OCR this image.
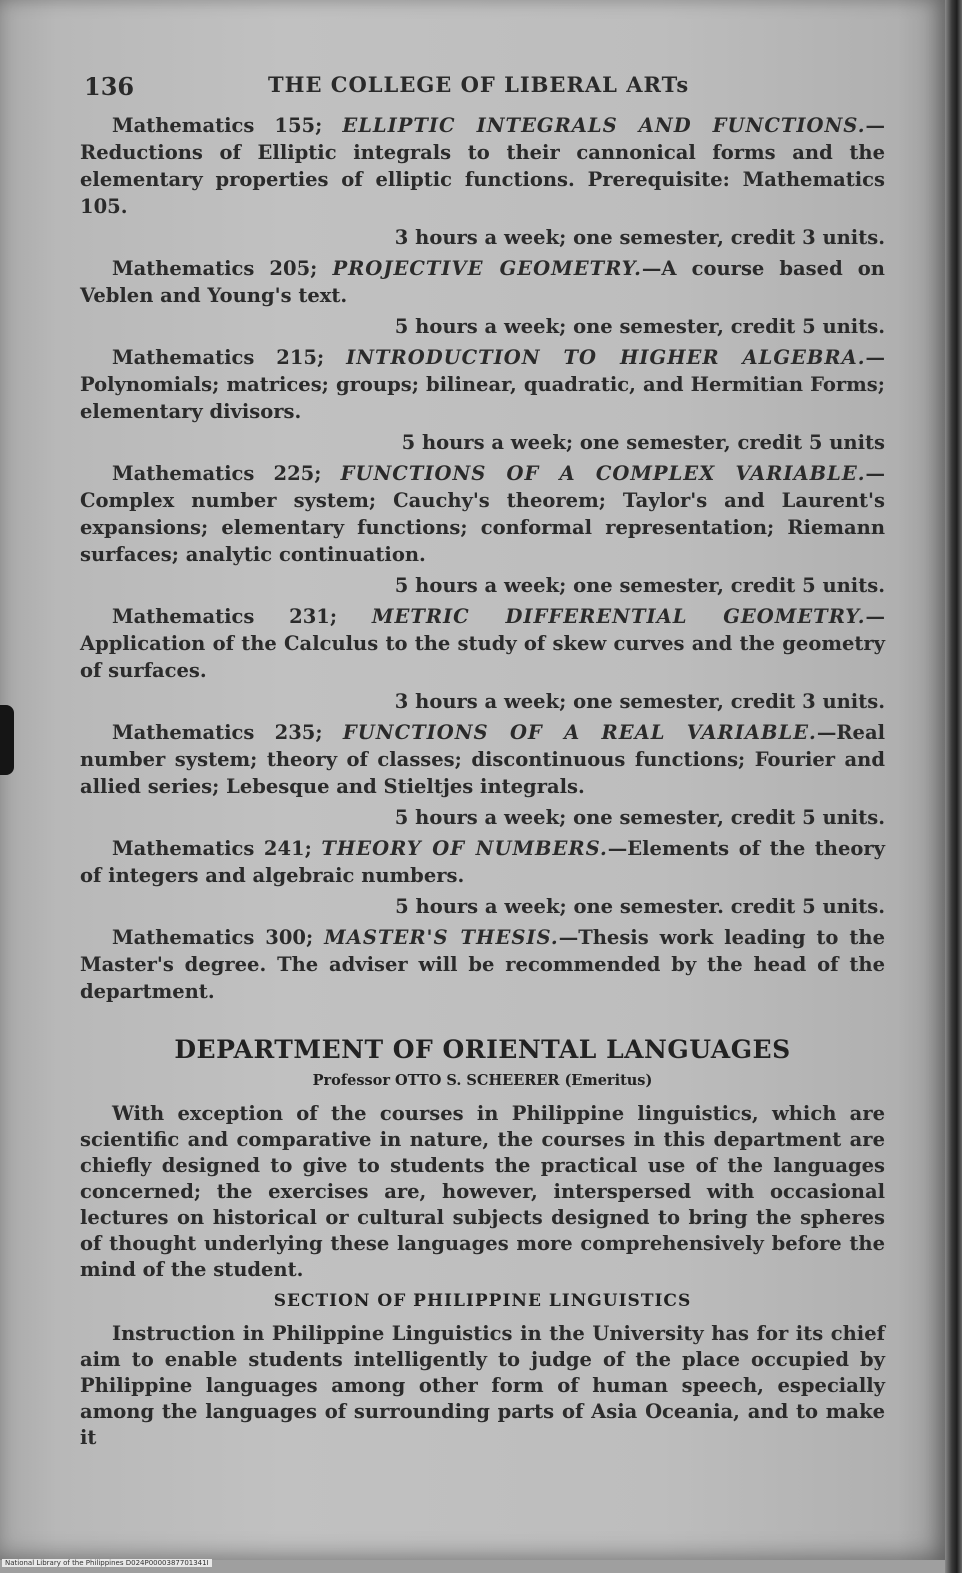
136	THE COLLEGE OF LIBERAL ARTs

Mathematics 155; ELLIPTIC INTEGRALS AND FUNCTIONS.—Reductions of Elliptic integrals to their cannonical forms and the elementary properties of elliptic functions. Prerequisite: Mathematics 105.

3 hours a week; one semester, credit 3 units.

Mathematics 205; PROJECTIVE GEOMETRY.—A course based on Veblen and Young's text.

5 hours a week; one semester, credit 5 units.

Mathematics 215; INTRODUCTION TO HIGHER ALGEBRA.—Polynomials; matrices; groups; bilinear, quadratic, and Hermitian Forms; elementary divisors.

5 hours a week; one semester, credit 5 units

Mathematics 225; FUNCTIONS OF A COMPLEX VARIABLE.—Complex number system; Cauchy's theorem; Taylor's and Laurent's expansions; elementary functions; conformal representation; Riemann surfaces; analytic continuation.

5 hours a week; one semester, credit 5 units.

Mathematics 231; METRIC DIFFERENTIAL GEOMETRY.—Application of the Calculus to the study of skew curves and the geometry of surfaces.

3 hours a week; one semester, credit 3 units.

Mathematics 235; FUNCTIONS OF A REAL VARIABLE.—Real number system; theory of classes; discontinuous functions; Fourier and allied series; Lebesque and Stieltjes integrals.

5 hours a week; one semester, credit 5 units.

Mathematics 241; THEORY OF NUMBERS.—Elements of the theory of integers and algebraic numbers.

5 hours a week; one semester. credit 5 units.

Mathematics 300; MASTER'S THESIS.—Thesis work leading to the Master's degree. The adviser will be recommended by the head of the department.

DEPARTMENT OF ORIENTAL LANGUAGES
Professor OTTO S. SCHEERER (Emeritus)

With exception of the courses in Philippine linguistics, which are scientific and comparative in nature, the courses in this department are chiefly designed to give to students the practical use of the languages concerned; the exercises are, however, interspersed with occasional lectures on historical or cultural subjects designed to bring the spheres of thought underlying these languages more comprehensively before the mind of the student.

SECTION OF PHILIPPINE LINGUISTICS

Instruction in Philippine Linguistics in the University has for its chief aim to enable students intelligently to judge of the place occupied by Philippine languages among other form of human speech, especially among the languages of surrounding parts of Asia Oceania, and to make it

National Library of the Philippines D024P0000387701341I
